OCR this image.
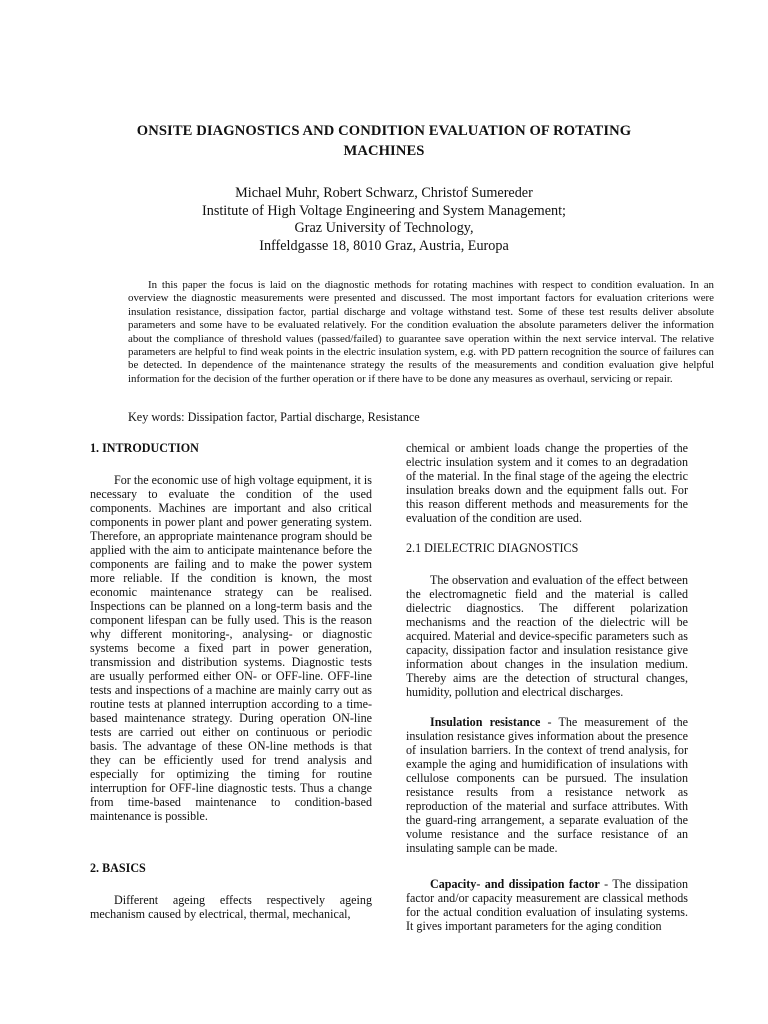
ONSITE DIAGNOSTICS AND CONDITION EVALUATION OF ROTATING MACHINES
Michael Muhr, Robert Schwarz, Christof Sumereder
Institute of High Voltage Engineering and System Management;
Graz University of Technology,
Inffeldgasse 18, 8010 Graz, Austria, Europa

In this paper the focus is laid on the diagnostic methods for rotating machines with respect to condition evaluation. In an overview the diagnostic measurements were presented and discussed. The most important factors for evaluation criterions were insulation resistance, dissipation factor, partial discharge and voltage withstand test. Some of these test results deliver absolute parameters and some have to be evaluated relatively. For the condition evaluation the absolute parameters deliver the information about the compliance of threshold values (passed/failed) to guarantee save operation within the next service interval. The relative parameters are helpful to find weak points in the electric insulation system, e.g. with PD pattern recognition the source of failures can be detected. In dependence of the maintenance strategy the results of the measurements and condition evaluation give helpful information for the decision of the further operation or if there have to be done any measures as overhaul, servicing or repair.

Key words: Dissipation factor, Partial discharge, Resistance

1. INTRODUCTION

For the economic use of high voltage equipment, it is necessary to evaluate the condition of the used components. Machines are important and also critical components in power plant and power generating system. Therefore, an appropriate maintenance program should be applied with the aim to anticipate maintenance before the components are failing and to make the power system more reliable. If the condition is known, the most economic maintenance strategy can be realised. Inspections can be planned on a long-term basis and the component lifespan can be fully used. This is the reason why different monitoring-, analysing- or diagnostic systems become a fixed part in power generation, transmission and distribution systems. Diagnostic tests are usually performed either ON- or OFF-line. OFF-line tests and inspections of a machine are mainly carry out as routine tests at planned interruption according to a time-based maintenance strategy. During operation ON-line tests are carried out either on continuous or periodic basis. The advantage of these ON-line methods is that they can be efficiently used for trend analysis and especially for optimizing the timing for routine interruption for OFF-line diagnostic tests. Thus a change from time-based maintenance to condition-based maintenance is possible.

2. BASICS

Different ageing effects respectively ageing mechanism caused by electrical, thermal, mechanical,

chemical or ambient loads change the properties of the electric insulation system and it comes to an degradation of the material. In the final stage of the ageing the electric insulation breaks down and the equipment falls out. For this reason different methods and measurements for the evaluation of the condition are used.

2.1 DIELECTRIC DIAGNOSTICS

The observation and evaluation of the effect between the electromagnetic field and the material is called dielectric diagnostics. The different polarization mechanisms and the reaction of the dielectric will be acquired. Material and device-specific parameters such as capacity, dissipation factor and insulation resistance give information about changes in the insulation medium. Thereby aims are the detection of structural changes, humidity, pollution and electrical discharges.

Insulation resistance - The measurement of the insulation resistance gives information about the presence of insulation barriers. In the context of trend analysis, for example the aging and humidification of insulations with cellulose components can be pursued. The insulation resistance results from a resistance network as reproduction of the material and surface attributes. With the guard-ring arrangement, a separate evaluation of the volume resistance and the surface resistance of an insulating sample can be made.

Capacity- and dissipation factor - The dissipation factor and/or capacity measurement are classical methods for the actual condition evaluation of insulating systems. It gives important parameters for the aging condition
